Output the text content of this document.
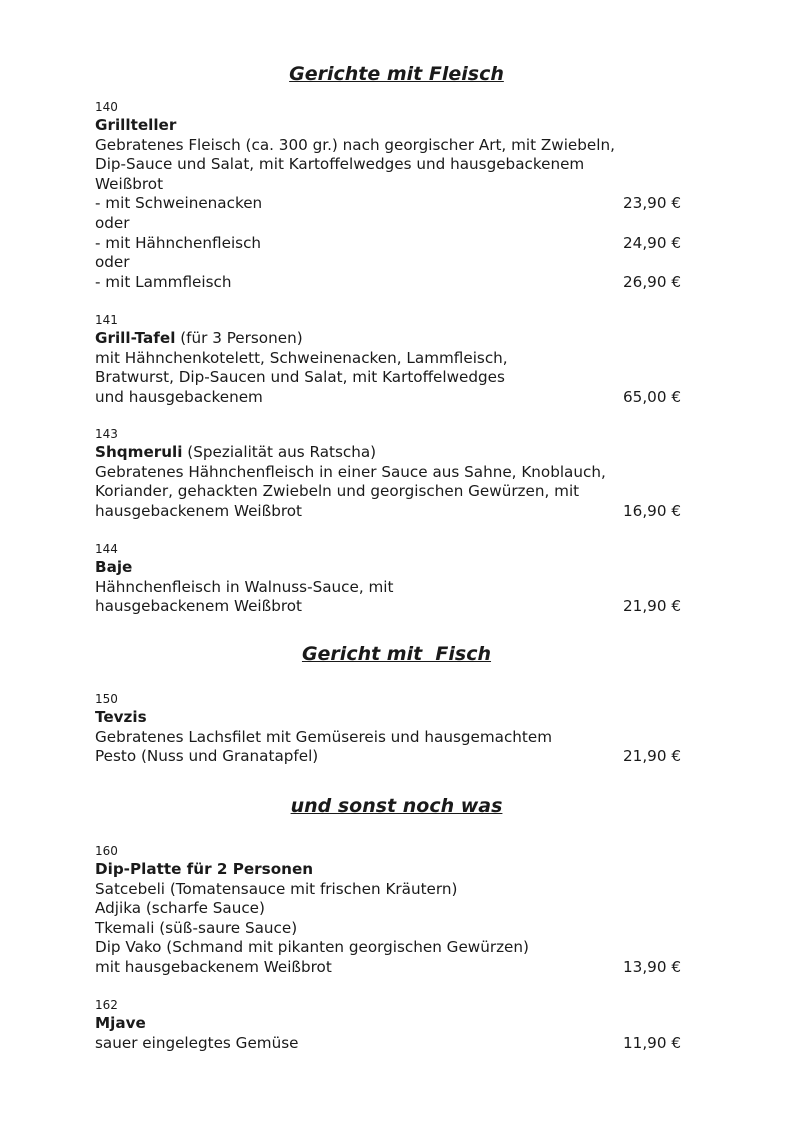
Gerichte mit Fleisch
140
Grillteller
Gebratenes Fleisch (ca. 300 gr.) nach georgischer Art, mit Zwiebeln,
Dip-Sauce und Salat, mit Kartoffelwedges und hausgebackenem
Weißbrot
- mit Schweinenacken	23,90 €
oder
- mit Hähnchenfleisch	24,90 €
oder
- mit Lammfleisch	26,90 €
141
Grill-Tafel (für 3 Personen)
mit Hähnchenkotelett, Schweinenacken, Lammfleisch,
Bratwurst, Dip-Saucen und Salat, mit Kartoffelwedges
und hausgebackenem	65,00 €
143
Shqmeruli (Spezialität aus Ratscha)
Gebratenes Hähnchenfleisch in einer Sauce aus Sahne, Knoblauch,
Koriander, gehackten Zwiebeln und georgischen Gewürzen, mit
hausgebackenem Weißbrot	16,90 €
144
Baje
Hähnchenfleisch in Walnuss-Sauce, mit
hausgebackenem Weißbrot	21,90 €
Gericht mit  Fisch
150
Tevzis
Gebratenes Lachsfilet mit Gemüsereis und hausgemachtem
Pesto (Nuss und Granatapfel)	21,90 €
und sonst noch was
160
Dip-Platte für 2 Personen
Satcebeli (Tomatensauce mit frischen Kräutern)
Adjika (scharfe Sauce)
Tkemali (süß-saure Sauce)
Dip Vako (Schmand mit pikanten georgischen Gewürzen)
mit hausgebackenem Weißbrot	13,90 €
162
Mjave
sauer eingelegtes Gemüse	11,90 €
